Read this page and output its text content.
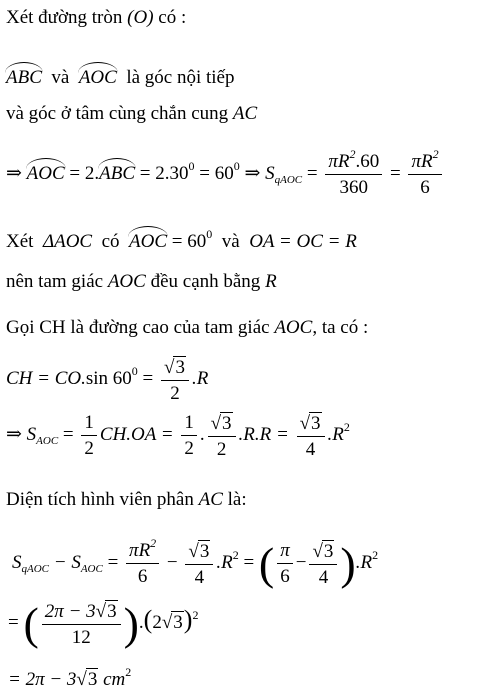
Xét đường tròn (O) có :
ABC và AOC là góc nội tiếp
và góc ở tâm cùng chắn cung AC
⇒ AOC = $2.ABC = 2.30^0 = 60^0$ ⇒ $S_{qAOC} = \frac{\pi R^2.60}{360} = \frac{\pi R^2}{6}$
Xét ΔAOC có AOC = $60^0$ và OA = OC = R
nên tam giác AOC đều cạnh bằng R
Gọi CH là đường cao của tam giác AOC, ta có :
CH = CO.sin $60^0 = \frac{√ 3}{2} .R$
⇒ $S_{AOC} = \frac{1}{2} CH.OA = \frac{1}{2}$ . $\frac{√ 3}{2} .R.R = \frac{√ 3}{4} .R^2$
Diện tích hình viên phân AC là:
$S_{qAOC} - S_{AOC} = \frac{\pi R^2}{6} - \frac{√ 3}{4} .R^2$ = ( $\frac{\pi}{6} - \frac{√ 3}{4} ).R^2$
= ( $\frac{2\pi - 3 √ 3}{12} ).(2$ √ 3 )$^2$
= 2π − 3 √ 3 $cm^2$
